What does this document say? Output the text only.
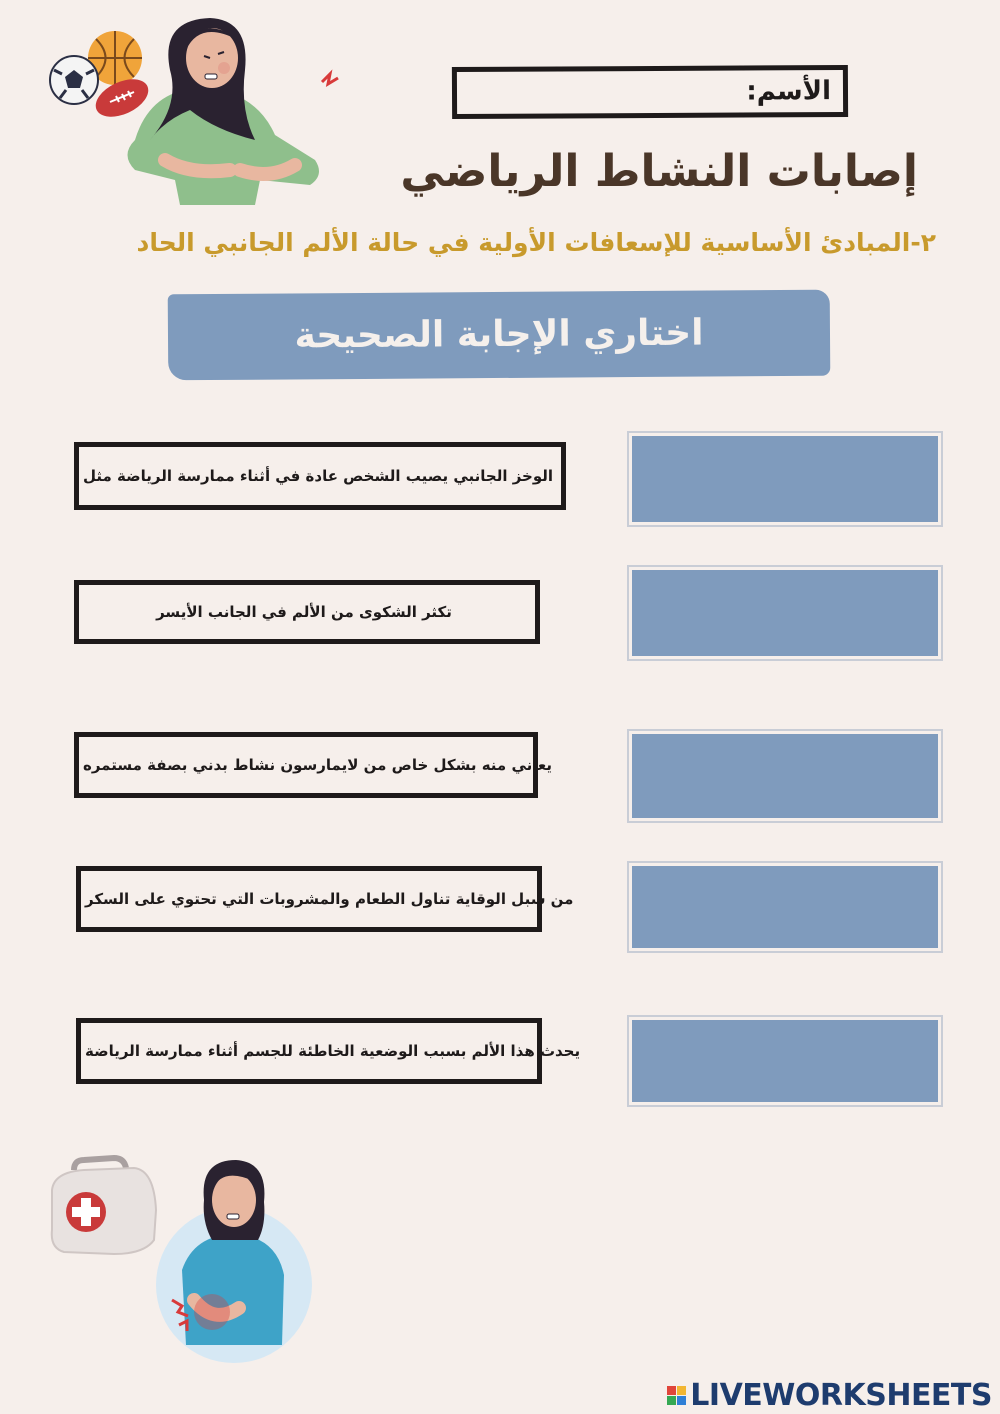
الأسم:
إصابات النشاط الرياضي
٢-المبادئ الأساسية للإسعافات الأولية في حالة الألم الجانبي الحاد
اختاري الإجابة الصحيحة
الوخز الجانبي يصيب الشخص عادة في أثناء ممارسة الرياضة مثل
تكثر الشكوى من الألم في الجانب الأيسر
يعاني منه بشكل خاص من لايمارسون نشاط بدني بصفة مستمره
من سبل الوقاية تناول الطعام والمشروبات التي تحتوي على السكر
يحدث هذا الألم بسبب الوضعية الخاطئة للجسم أثناء ممارسة الرياضة
LIVEWORKSHEETS
